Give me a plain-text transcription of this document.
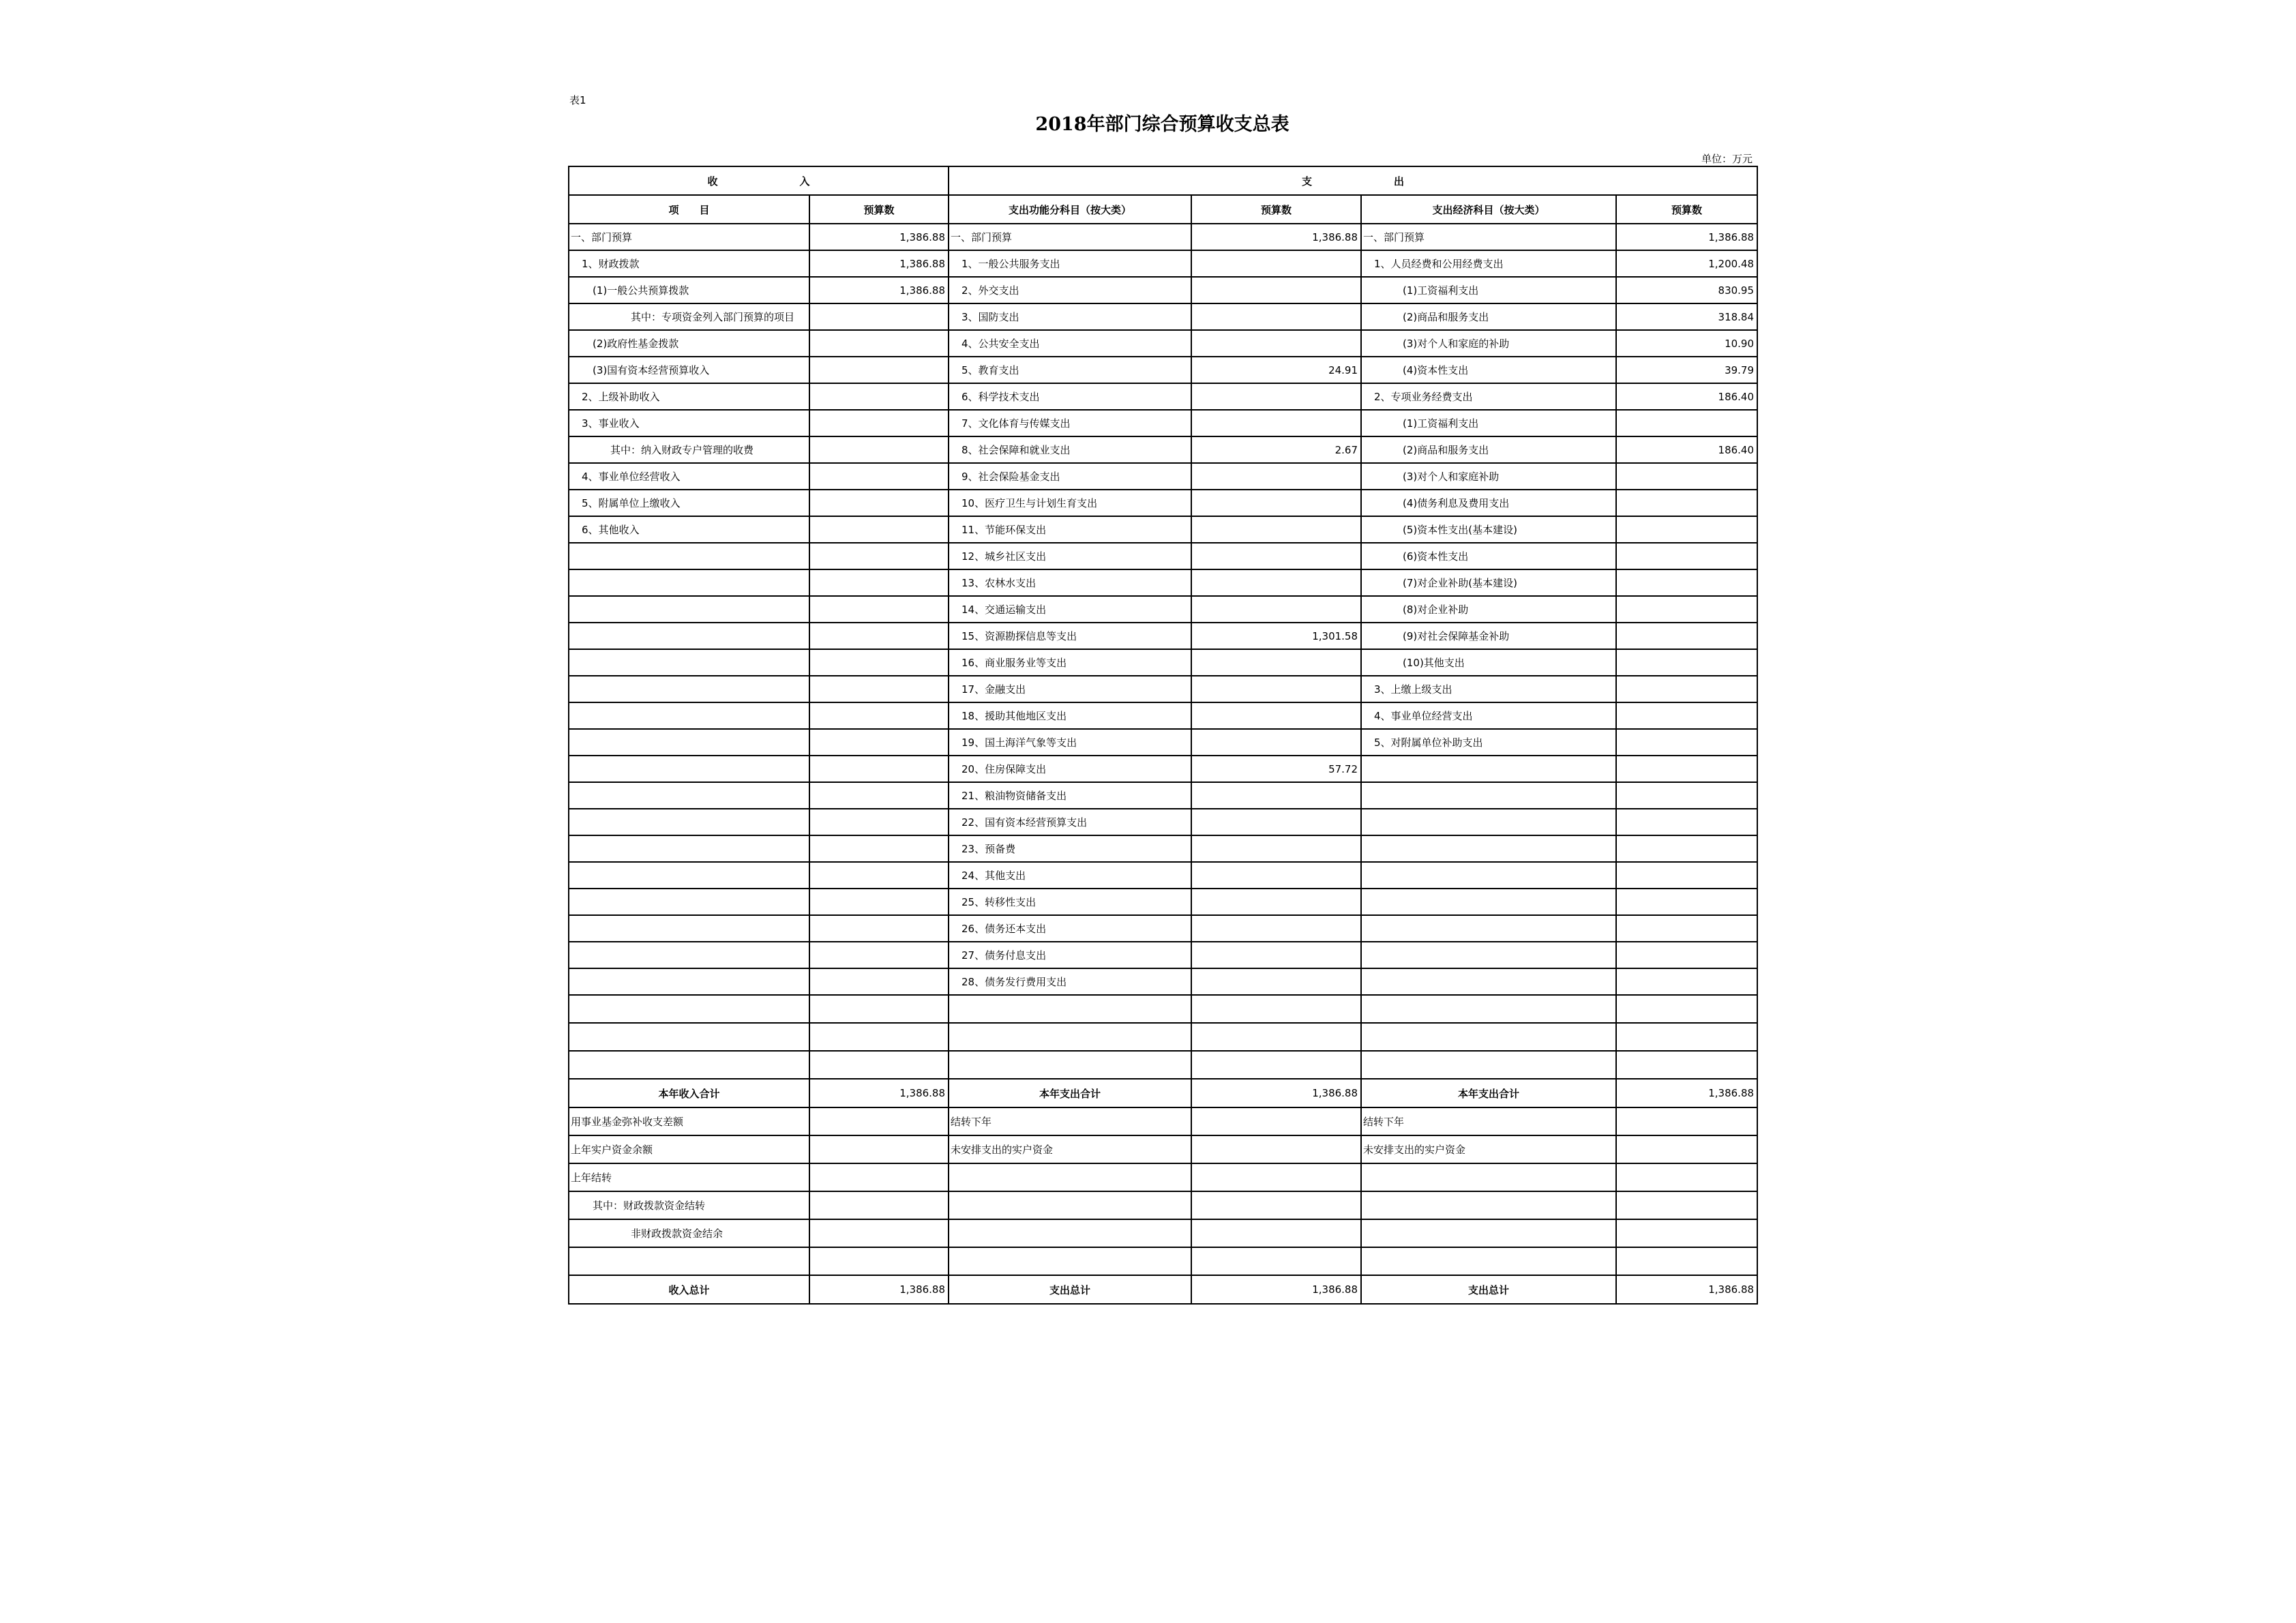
表1
2018年部门综合预算收支总表
单位：万元
收　　　　　　　　入		支　　　　　　　　出			
项　　目	预算数	支出功能分科目（按大类）	预算数	支出经济科目（按大类）	预算数
一、部门预算	1,386.88	一、部门预算	1,386.88	一、部门预算	1,386.88
1、财政拨款	1,386.88	1、一般公共服务支出		1、人员经费和公用经费支出	1,200.48
(1)一般公共预算拨款	1,386.88	2、外交支出		(1)工资福利支出	830.95
其中：专项资金列入部门预算的项目		3、国防支出		(2)商品和服务支出	318.84
(2)政府性基金拨款		4、公共安全支出		(3)对个人和家庭的补助	10.90
(3)国有资本经营预算收入		5、教育支出	24.91	(4)资本性支出	39.79
2、上级补助收入		6、科学技术支出		2、专项业务经费支出	186.40
3、事业收入		7、文化体育与传媒支出		(1)工资福利支出	
其中：纳入财政专户管理的收费		8、社会保障和就业支出	2.67	(2)商品和服务支出	186.40
4、事业单位经营收入		9、社会保险基金支出		(3)对个人和家庭补助	
5、附属单位上缴收入		10、医疗卫生与计划生育支出		(4)债务利息及费用支出	
6、其他收入		11、节能环保支出		(5)资本性支出(基本建设)	
		12、城乡社区支出		(6)资本性支出	
		13、农林水支出		(7)对企业补助(基本建设)	
		14、交通运输支出		(8)对企业补助	
		15、资源勘探信息等支出	1,301.58	(9)对社会保障基金补助	
		16、商业服务业等支出		(10)其他支出	
		17、金融支出		3、上缴上级支出	
		18、援助其他地区支出		4、事业单位经营支出	
		19、国土海洋气象等支出		5、对附属单位补助支出	
		20、住房保障支出	57.72		
		21、粮油物资储备支出			
		22、国有资本经营预算支出			
		23、预备费			
		24、其他支出			
		25、转移性支出			
		26、债务还本支出			
		27、债务付息支出			
		28、债务发行费用支出			

本年收入合计	1,386.88	本年支出合计	1,386.88	本年支出合计	1,386.88
用事业基金弥补收支差额		结转下年		结转下年	
上年实户资金余额		未安排支出的实户资金		未安排支出的实户资金	
上年结转					
其中：财政拨款资金结转					
非财政拨款资金结余					

收入总计	1,386.88	支出总计	1,386.88	支出总计	1,386.88
